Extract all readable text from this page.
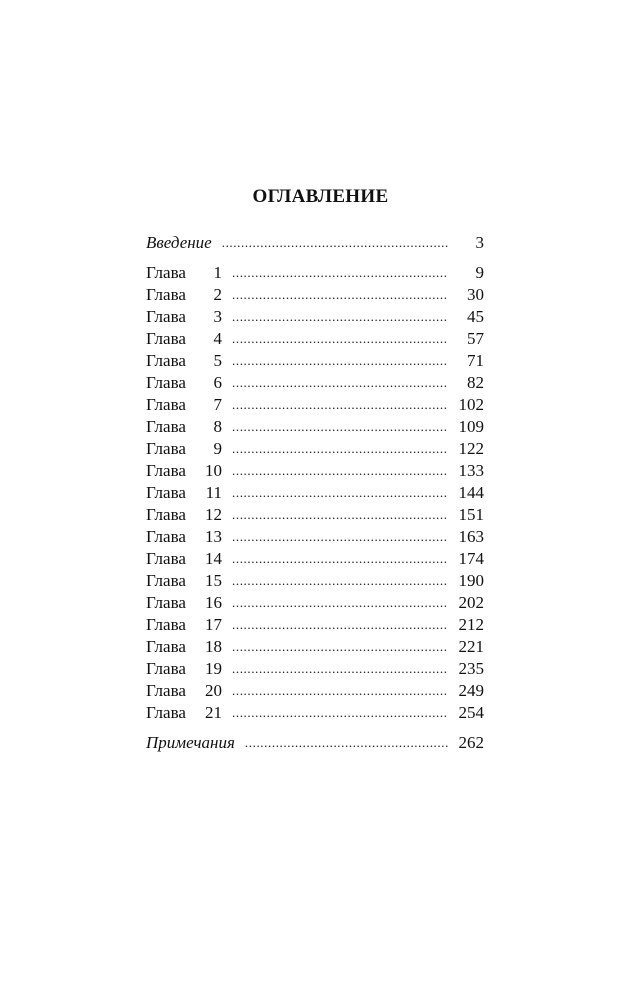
ОГЛАВЛЕНИЕ
Введение .....	3
Глава 1 .....	9
Глава 2 .....	30
Глава 3 .....	45
Глава 4 .....	57
Глава 5 .....	71
Глава 6 .....	82
Глава 7 .....	102
Глава 8 .....	109
Глава 9 .....	122
Глава 10 .....	133
Глава 11 .....	144
Глава 12 .....	151
Глава 13 .....	163
Глава 14 .....	174
Глава 15 .....	190
Глава 16 .....	202
Глава 17 .....	212
Глава 18 .....	221
Глава 19 .....	235
Глава 20 .....	249
Глава 21 .....	254
Примечания .....	262
